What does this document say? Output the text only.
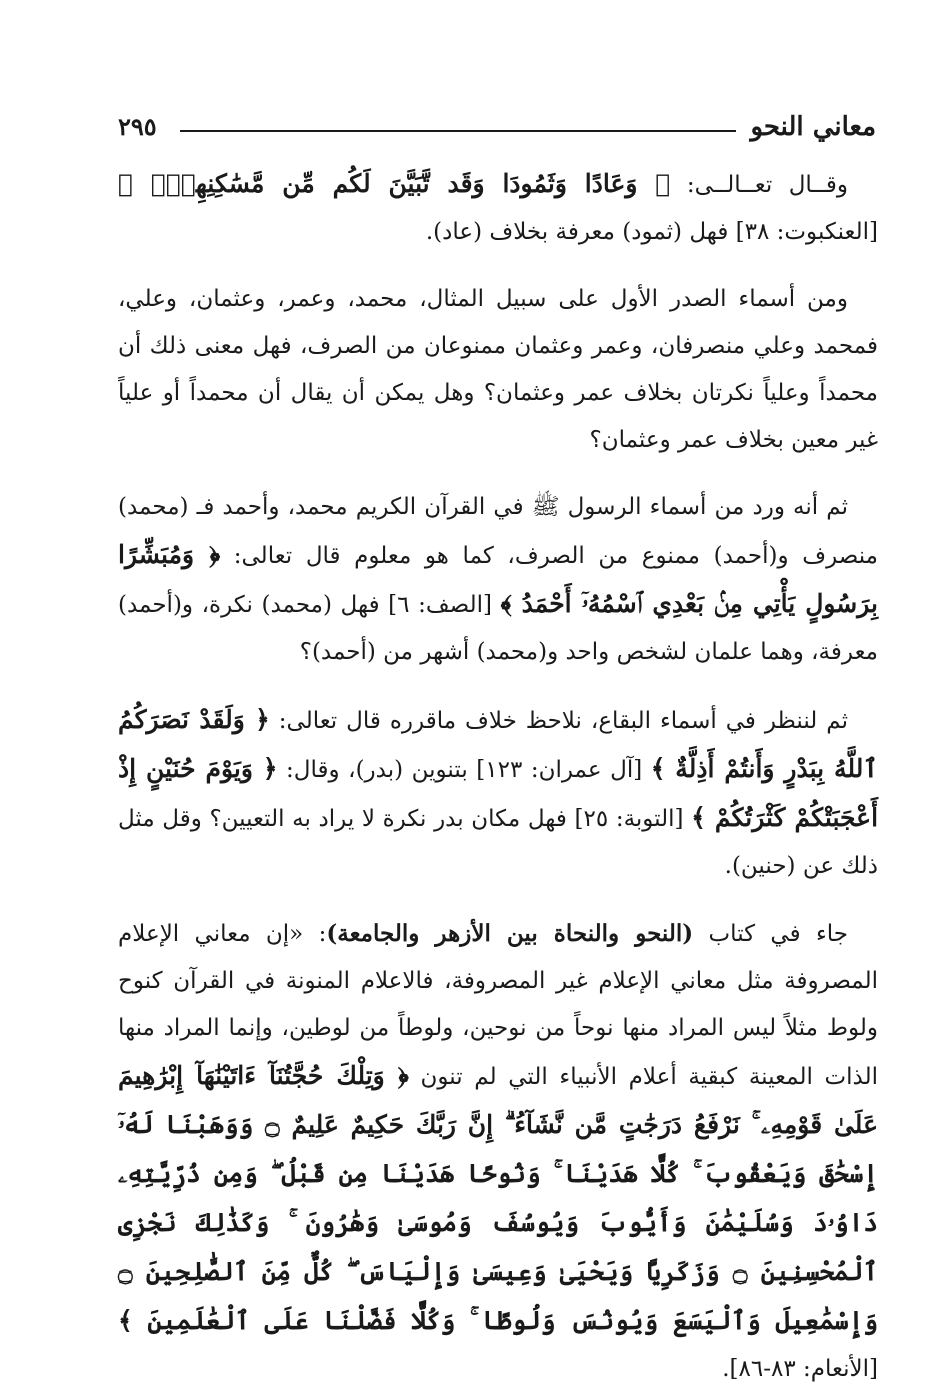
معاني النحو
٢٩٥

وقــال تعــالــى: ﴿ وَعَادًا وَثَمُودَا وَقَد تَّبَيَّنَ لَكُم مِّن مَّسَٰكِنِهِمْۖ ﴾ [العنكبوت: ٣٨] فهل (ثمود) معرفة بخلاف (عاد).

ومن أسماء الصدر الأول على سبيل المثال، محمد، وعمر، وعثمان، وعلي، فمحمد وعلي منصرفان، وعمر وعثمان ممنوعان من الصرف، فهل معنى ذلك أن محمداً وعلياً نكرتان بخلاف عمر وعثمان؟ وهل يمكن أن يقال أن محمداً أو علياً غير معين بخلاف عمر وعثمان؟

ثم أنه ورد من أسماء الرسول ﷺ في القرآن الكريم محمد، وأحمد فـ (محمد) منصرف و(أحمد) ممنوع من الصرف، كما هو معلوم قال تعالى: ﴿ وَمُبَشِّرًا بِرَسُولٍ يَأْتِي مِنۢ بَعْدِي ٱسْمُهُۥٓ أَحْمَدُ ﴾ [الصف: ٦] فهل (محمد) نكرة، و(أحمد) معرفة، وهما علمان لشخص واحد و(محمد) أشهر من (أحمد)؟

ثم لننظر في أسماء البقاع، نلاحظ خلاف ماقرره قال تعالى: ﴿ وَلَقَدْ نَصَرَكُمُ ٱللَّهُ بِبَدْرٍ وَأَنتُمْ أَذِلَّةٌ ﴾ [آل عمران: ١٢٣] بتنوين (بدر)، وقال: ﴿ وَيَوْمَ حُنَيْنٍ إِذْ أَعْجَبَتْكُمْ كَثْرَتُكُمْ ﴾ [التوبة: ٢٥] فهل مكان بدر نكرة لا يراد به التعيين؟ وقل مثل ذلك عن (حنين).

جاء في كتاب (النحو والنحاة بين الأزهر والجامعة): «إن معاني الإعلام المصروفة مثل معاني الإعلام غير المصروفة، فالاعلام المنونة في القرآن كنوح ولوط مثلاً ليس المراد منها نوحاً من نوحين، ولوطاً من لوطين، وإنما المراد منها الذات المعينة كبقية أعلام الأنبياء التي لم تنون ﴿ وَتِلْكَ حُجَّتُنَآ ءَاتَيْنَٰهَآ إِبْرَٰهِيمَ عَلَىٰ قَوْمِهِۦ ۚ نَرْفَعُ دَرَجَٰتٍ مَّن نَّشَآءُ ۗ إِنَّ رَبَّكَ حَكِيمٌ عَلِيمٌ ۝ وَوَهَبْنَا لَهُۥٓ إِسْحَٰقَ وَيَعْقُوبَ ۚ كُلًّا هَدَيْنَا ۚ وَنُوحًا هَدَيْنَا مِن قَبْلُ ۖ وَمِن ذُرِّيَّتِهِۦ دَاوُۥدَ وَسُلَيْمَٰنَ وَأَيُّوبَ وَيُوسُفَ وَمُوسَىٰ وَهَٰرُونَ ۚ وَكَذَٰلِكَ نَجْزِى ٱلْمُحْسِنِينَ ۝ وَزَكَرِيَّا وَيَحْيَىٰ وَعِيسَىٰ وَإِلْيَاسَ ۖ كُلٌّ مِّنَ ٱلصَّٰلِحِينَ ۝ وَإِسْمَٰعِيلَ وَٱلْيَسَعَ وَيُونُسَ وَلُوطًا ۚ وَكُلًّا فَضَّلْنَا عَلَى ٱلْعَٰلَمِينَ ﴾ [الأنعام: ٨٣-٨٦].
